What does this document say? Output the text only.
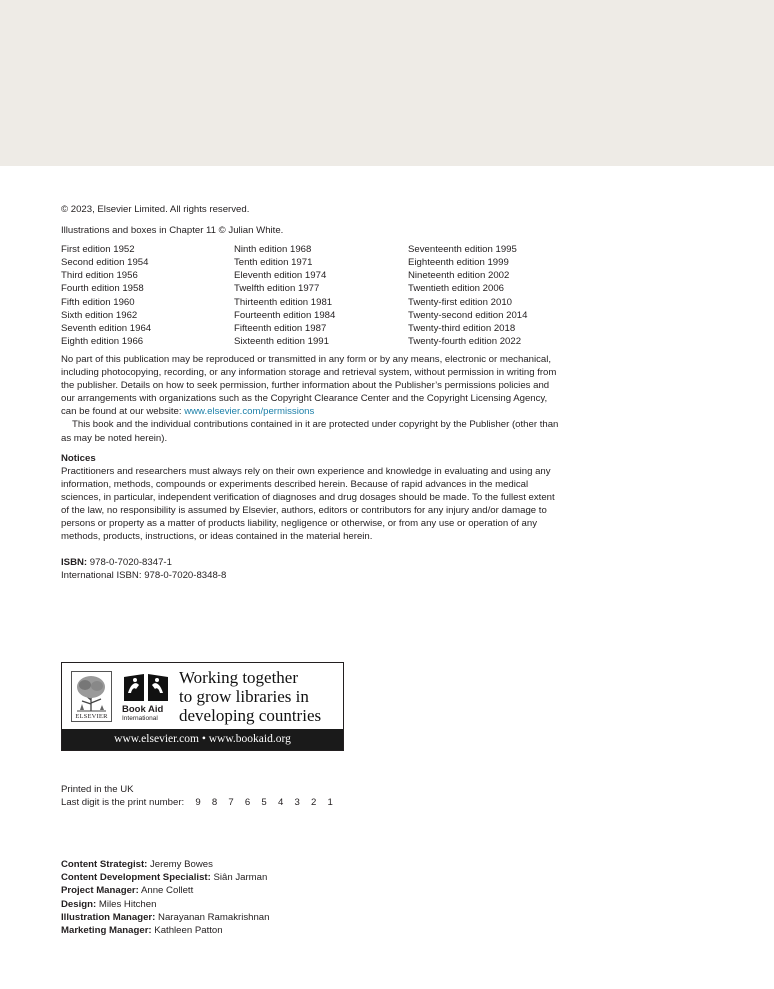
© 2023, Elsevier Limited. All rights reserved.

Illustrations and boxes in Chapter 11 © Julian White.

First edition 1952
Second edition 1954
Third edition 1956
Fourth edition 1958
Fifth edition 1960
Sixth edition 1962
Seventh edition 1964
Eighth edition 1966
Ninth edition 1968
Tenth edition 1971
Eleventh edition 1974
Twelfth edition 1977
Thirteenth edition 1981
Fourteenth edition 1984
Fifteenth edition 1987
Sixteenth edition 1991
Seventeenth edition 1995
Eighteenth edition 1999
Nineteenth edition 2002
Twentieth edition 2006
Twenty-first edition 2010
Twenty-second edition 2014
Twenty-third edition 2018
Twenty-fourth edition 2022
No part of this publication may be reproduced or transmitted in any form or by any means, electronic or mechanical,
including photocopying, recording, or any information storage and retrieval system, without permission in writing from
the publisher. Details on how to seek permission, further information about the Publisher’s permissions policies and
our arrangements with organizations such as the Copyright Clearance Center and the Copyright Licensing Agency,
can be found at our website: www.elsevier.com/permissions
This book and the individual contributions contained in it are protected under copyright by the Publisher (other than
as may be noted herein).
Notices
Practitioners and researchers must always rely on their own experience and knowledge in evaluating and using any
information, methods, compounds or experiments described herein. Because of rapid advances in the medical
sciences, in particular, independent verification of diagnoses and drug dosages should be made. To the fullest extent
of the law, no responsibility is assumed by Elsevier, authors, editors or contributors for any injury and/or damage to
persons or property as a matter of products liability, negligence or otherwise, or from any use or operation of any
methods, products, instructions, or ideas contained in the material herein.
ISBN: 978-0-7020-8347-1
International ISBN: 978-0-7020-8348-8
ELSEVIER
Book Aid
International
Working together
to grow libraries in
developing countries
www.elsevier.com • www.bookaid.org
Printed in the UK
Last digit is the print number: 9 8 7 6 5 4 3 2 1
Content Strategist: Jeremy Bowes
Content Development Specialist: Siân Jarman
Project Manager: Anne Collett
Design: Miles Hitchen
Illustration Manager: Narayanan Ramakrishnan
Marketing Manager: Kathleen Patton
